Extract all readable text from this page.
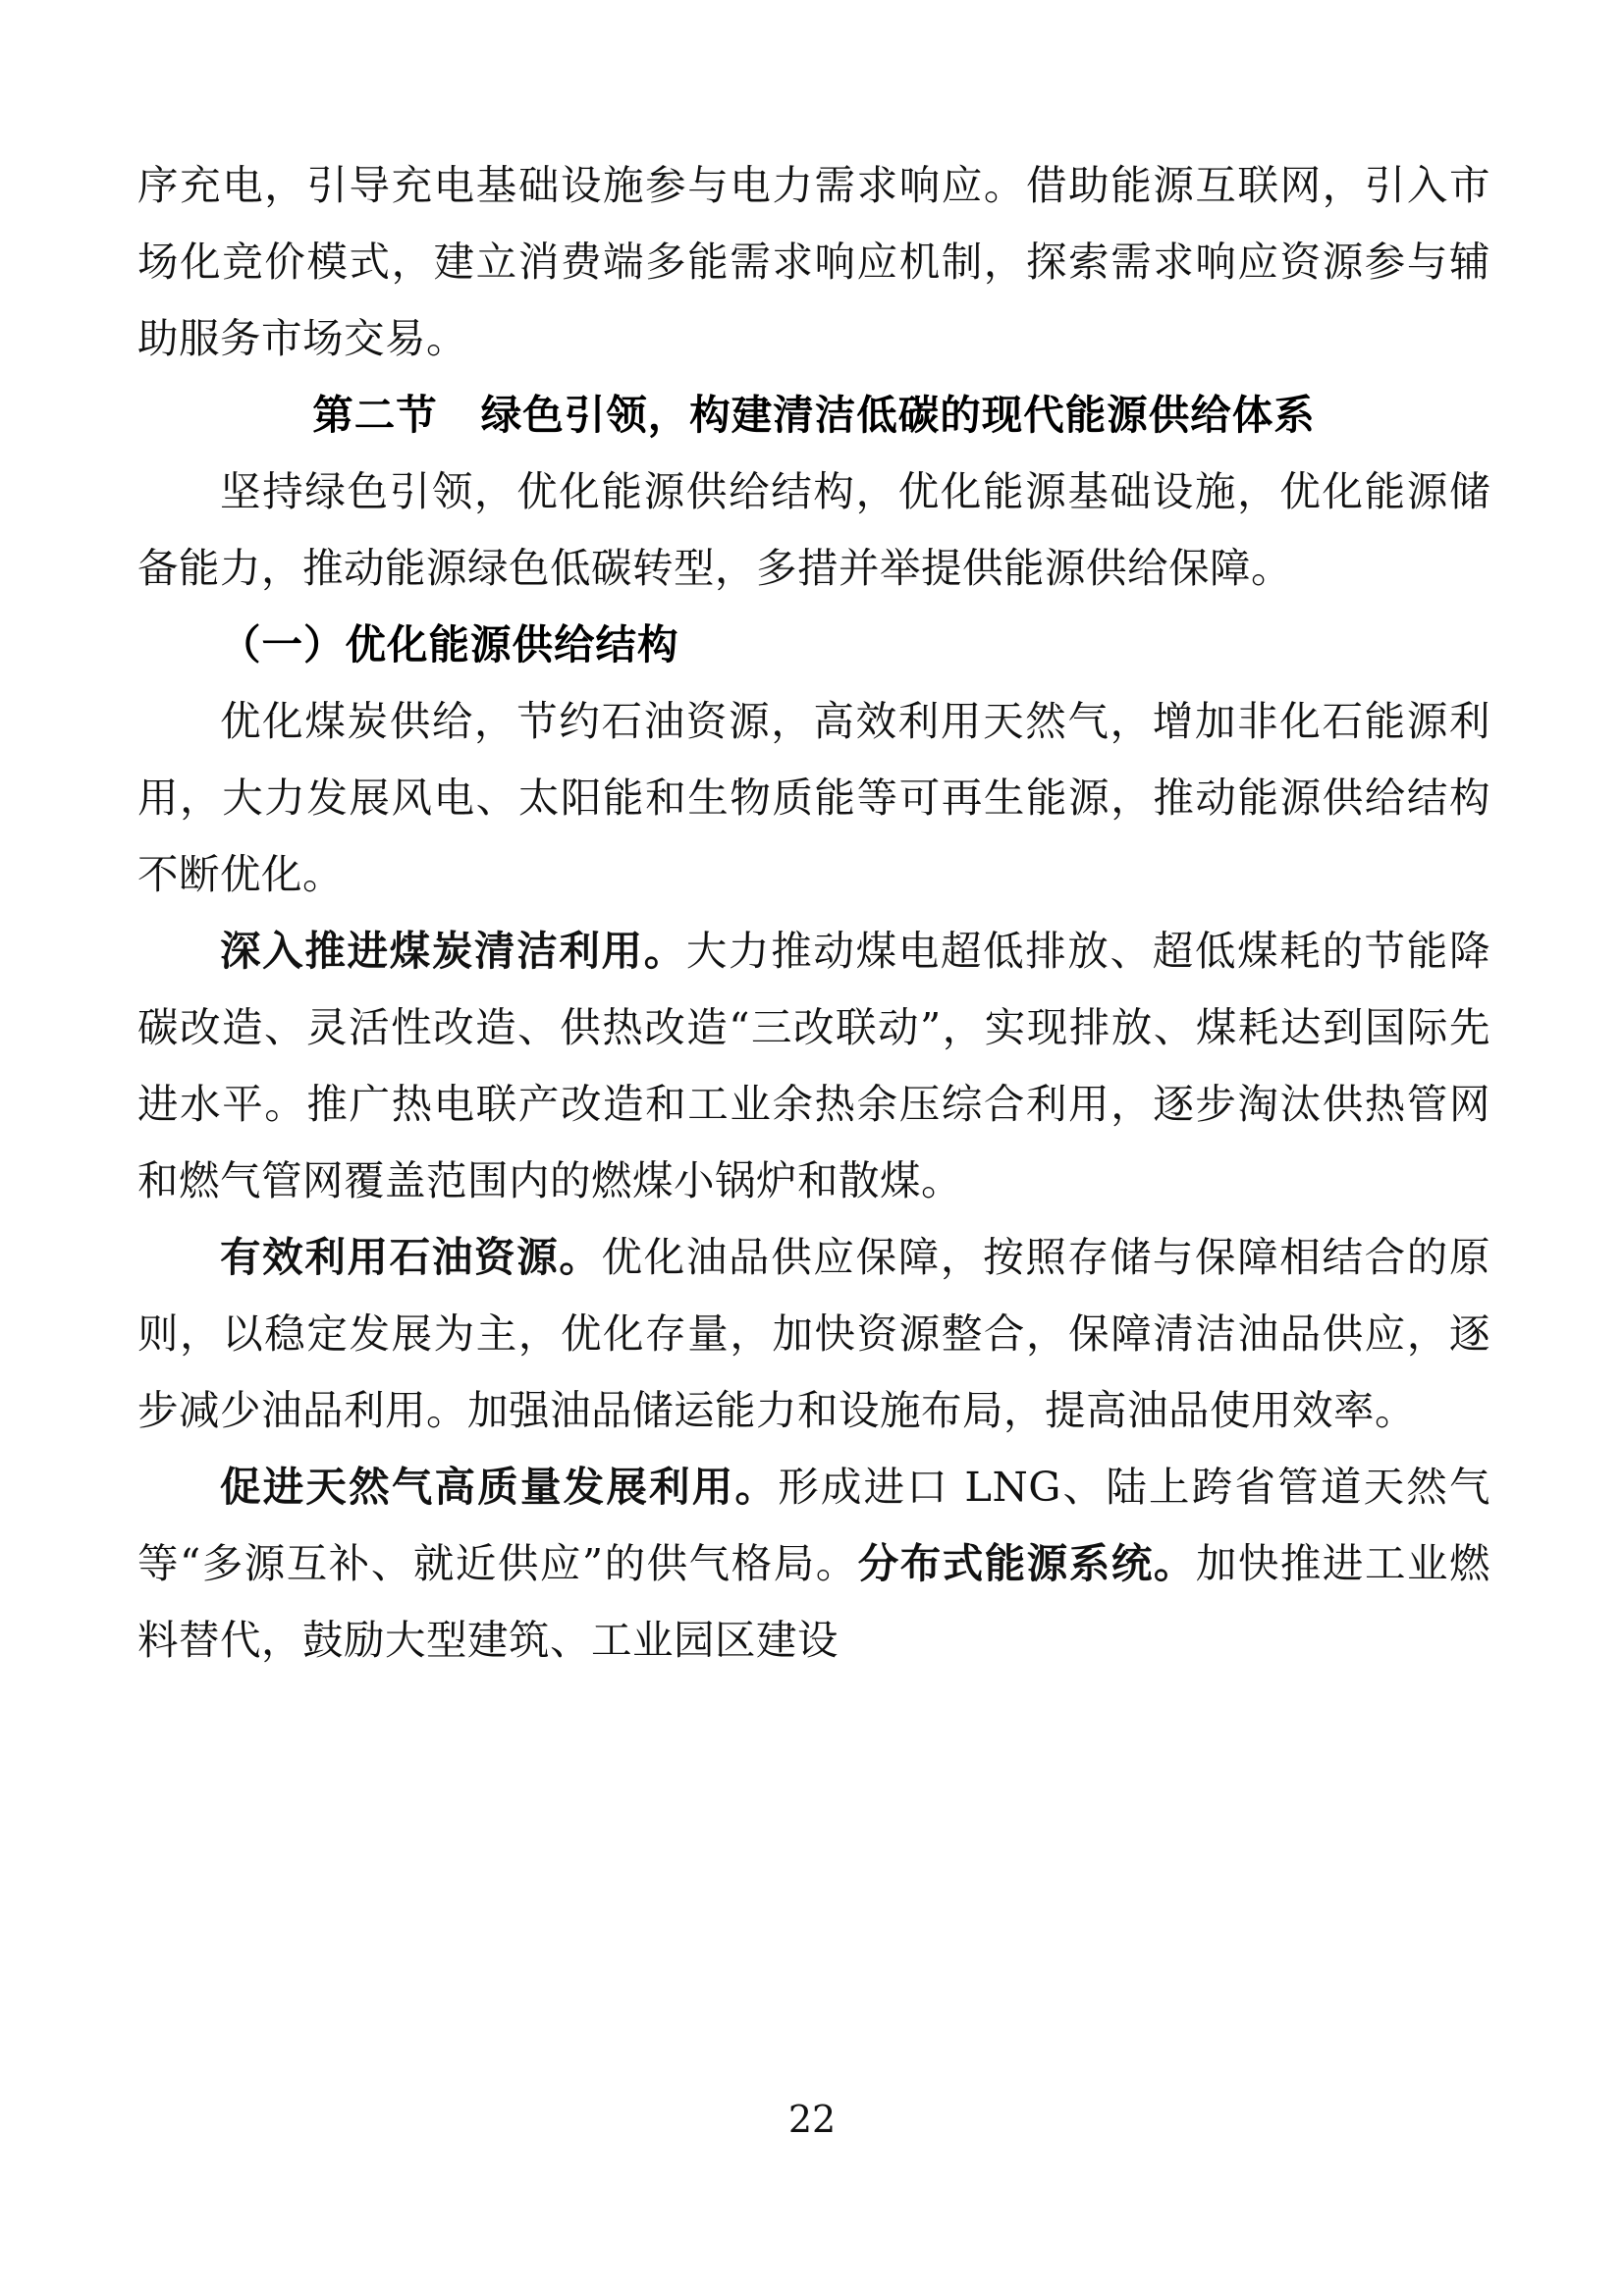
序充电，引导充电基础设施参与电力需求响应。借助能源互联网，引入市场化竞价模式，建立消费端多能需求响应机制，探索需求响应资源参与辅助服务市场交易。

第二节 绿色引领，构建清洁低碳的现代能源供给体系

坚持绿色引领，优化能源供给结构，优化能源基础设施，优化能源储备能力，推动能源绿色低碳转型，多措并举提供能源供给保障。

（一）优化能源供给结构

优化煤炭供给，节约石油资源，高效利用天然气，增加非化石能源利用，大力发展风电、太阳能和生物质能等可再生能源，推动能源供给结构不断优化。

深入推进煤炭清洁利用。大力推动煤电超低排放、超低煤耗的节能降碳改造、灵活性改造、供热改造“三改联动”，实现排放、煤耗达到国际先进水平。推广热电联产改造和工业余热余压综合利用，逐步淘汰供热管网和燃气管网覆盖范围内的燃煤小锅炉和散煤。

有效利用石油资源。优化油品供应保障，按照存储与保障相结合的原则，以稳定发展为主，优化存量，加快资源整合，保障清洁油品供应，逐步减少油品利用。加强油品储运能力和设施布局，提高油品使用效率。

促进天然气高质量发展利用。形成进口 LNG、陆上跨省管道天然气等“多源互补、就近供应”的供气格局。分布式能源系统。加快推进工业燃料替代，鼓励大型建筑、工业园区建设

22
